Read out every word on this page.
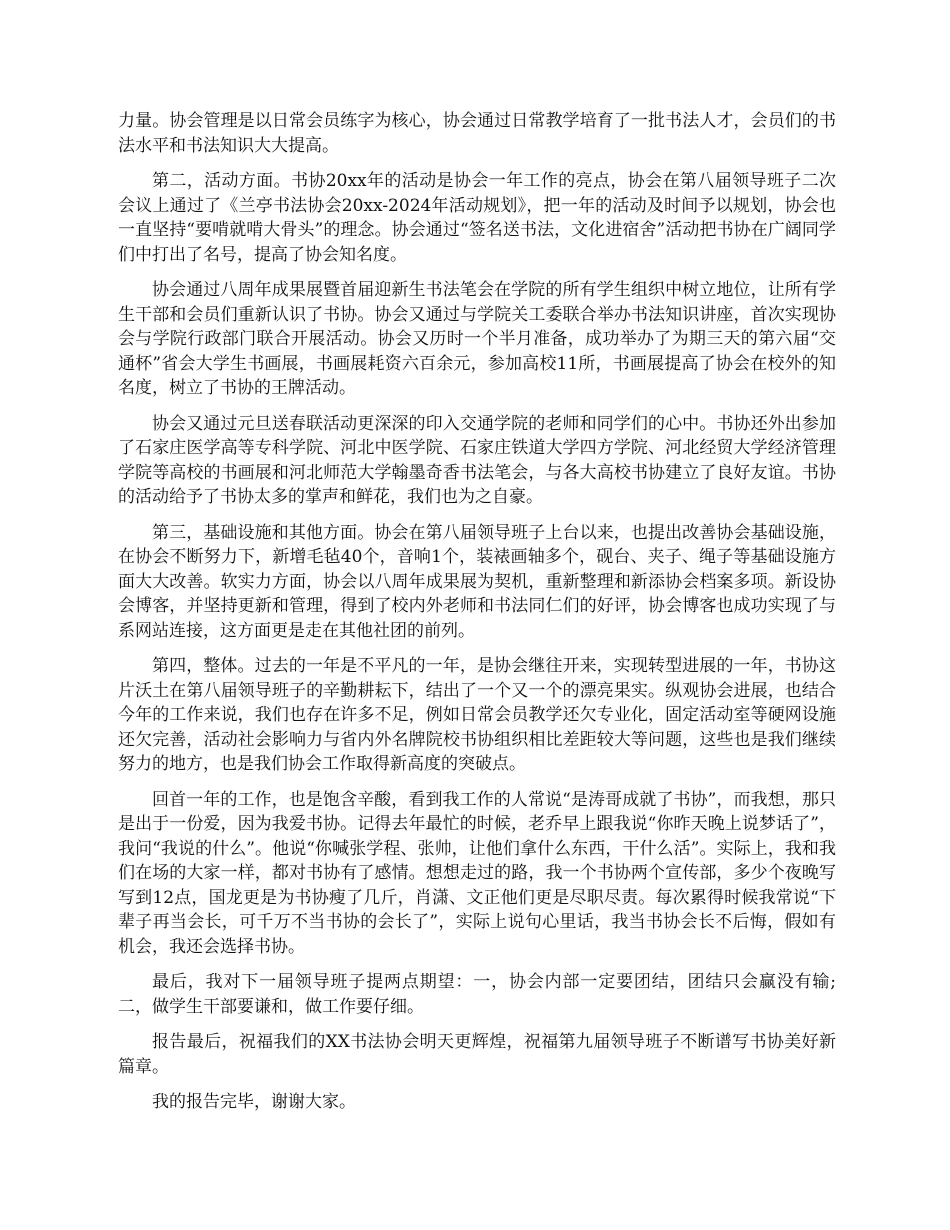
力量。协会管理是以日常会员练字为核心，协会通过日常教学培育了一批书法人才，会员们的书法水平和书法知识大大提高。

第二，活动方面。书协20xx年的活动是协会一年工作的亮点，协会在第八届领导班子二次会议上通过了《兰亭书法协会20xx-2024年活动规划》，把一年的活动及时间予以规划，协会也一直坚持“要啃就啃大骨头”的理念。协会通过“签名送书法，文化进宿舍”活动把书协在广阔同学们中打出了名号，提高了协会知名度。

协会通过八周年成果展暨首届迎新生书法笔会在学院的所有学生组织中树立地位，让所有学生干部和会员们重新认识了书协。协会又通过与学院关工委联合举办书法知识讲座，首次实现协会与学院行政部门联合开展活动。协会又历时一个半月准备，成功举办了为期三天的第六届“交通杯”省会大学生书画展，书画展耗资六百余元，参加高校11所，书画展提高了协会在校外的知名度，树立了书协的王牌活动。

协会又通过元旦送春联活动更深深的印入交通学院的老师和同学们的心中。书协还外出参加了石家庄医学高等专科学院、河北中医学院、石家庄铁道大学四方学院、河北经贸大学经济管理学院等高校的书画展和河北师范大学翰墨奇香书法笔会，与各大高校书协建立了良好友谊。书协的活动给予了书协太多的掌声和鲜花，我们也为之自豪。

第三，基础设施和其他方面。协会在第八届领导班子上台以来，也提出改善协会基础设施，在协会不断努力下，新增毛毡40个，音响1个，装裱画轴多个，砚台、夹子、绳子等基础设施方面大大改善。软实力方面，协会以八周年成果展为契机，重新整理和新添协会档案多项。新设协会博客，并坚持更新和管理，得到了校内外老师和书法同仁们的好评，协会博客也成功实现了与系网站连接，这方面更是走在其他社团的前列。

第四，整体。过去的一年是不平凡的一年，是协会继往开来，实现转型进展的一年，书协这片沃土在第八届领导班子的辛勤耕耘下，结出了一个又一个的漂亮果实。纵观协会进展，也结合今年的工作来说，我们也存在许多不足，例如日常会员教学还欠专业化，固定活动室等硬网设施还欠完善，活动社会影响力与省内外名牌院校书协组织相比差距较大等问题，这些也是我们继续努力的地方，也是我们协会工作取得新高度的突破点。

回首一年的工作，也是饱含辛酸，看到我工作的人常说“是涛哥成就了书协”，而我想，那只是出于一份爱，因为我爱书协。记得去年最忙的时候，老乔早上跟我说“你昨天晚上说梦话了”，我问“我说的什么”。他说“你喊张学程、张帅，让他们拿什么东西，干什么活”。实际上，我和我们在场的大家一样，都对书协有了感情。想想走过的路，我一个书协两个宣传部，多少个夜晚写写到12点，国龙更是为书协瘦了几斤，肖潇、文正他们更是尽职尽责。每次累得时候我常说“下辈子再当会长，可千万不当书协的会长了”，实际上说句心里话，我当书协会长不后悔，假如有机会，我还会选择书协。

最后，我对下一届领导班子提两点期望：一，协会内部一定要团结，团结只会赢没有输;二，做学生干部要谦和，做工作要仔细。

报告最后，祝福我们的XX书法协会明天更辉煌，祝福第九届领导班子不断谱写书协美好新篇章。

我的报告完毕，谢谢大家。
